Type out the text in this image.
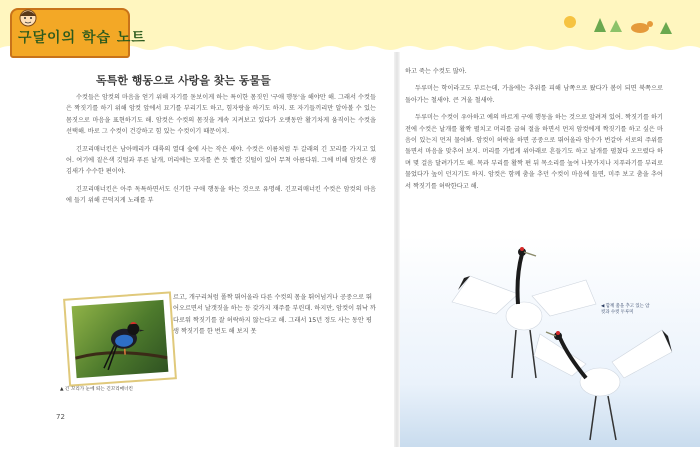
구달이의 학습 노트
독특한 행동으로 사랑을 찾는 동물들

수컷들은 암컷의 마음을 얻기 위해 자기를 돋보이게 하는 특이한 몸짓인 '구애 행동'을 해야만 해. 그래서 수컷들은 짝짓기를 하기 위해 암컷 앞에서 묘기를 부리기도 하고, 힘자랑을 하기도 하지. 또 자기들끼리만 알아볼 수 있는 몸짓으로 마음을 표현하기도 해. 암컷은 수컷의 몸짓을 계속 지켜보고 있다가 오랫동안 활기차게 움직이는 수컷을 선택해. 바로 그 수컷이 건강하고 힘 있는 수컷이기 때문이지.

긴꼬리매너킨은 남아메리카 대륙의 열대 숲에 사는 작은 새야. 수컷은 이름처럼 두 갈래의 긴 꼬리를 가지고 있어. 여기에 짙은색 깃털과 푸른 날개, 머리에는 모자를 쓴 듯 빨간 깃털이 있어 무척 아름다워. 그에 비해 암컷은 생김새가 수수한 편이야.

긴꼬리매너킨은 아주 독특하면서도 신기한 구애 행동을 하는 것으로 유명해. 긴꼬리매너킨 수컷은 암컷의 마음에 들기 위해 끈덕지게 노래를 부

▲ 긴 꼬리가 눈에 띄는 긴꼬리매너킨

르고, 개구리처럼 폴짝 뛰어올라 다른 수컷의 몸을 뛰어넘거나 공중으로 뛰어오르면서 날갯짓을 하는 등 갖가지 재주를 부린대. 하지만, 암컷이 워낙 까다로워 짝짓기를 잘 허락하지 않는다고 해. 그래서 15년 정도 사는 동안 평생 짝짓기를 한 번도 해 보지 못

72

하고 죽는 수컷도 많아.

두루미는 학이라고도 부르는데, 가을에는 추위를 피해 남쪽으로 왔다가 봄이 되면 북쪽으로 돌아가는 철새야. 큰 겨울 철새야.

두루미는 수컷이 우아하고 예의 바르게 구애 행동을 하는 것으로 알려져 있어. 짝짓기를 하기 전에 수컷은 날개를 활짝 펼치고 머리를 굽혀 절을 하면서 먼저 암컷에게 짝짓기를 하고 싶은 마음이 있는지 먼저 물어봐. 암컷이 허락을 하면 공중으로 뛰어올라 암수가 번갈아 서로의 주위를 돌면서 마음을 맞추어 보지. 머리를 가볍게 위아래로 흔들기도 하고 날개를 펼쳤다 오므렸다 하며 몇 걸음 달려가기도 해. 목과 부리를 활짝 편 뒤 목소리를 높여 나뭇가지나 지푸라기를 부리로 물었다가 높이 던지기도 하지. 암컷은 함께 춤을 추던 수컷이 마음에 들면, 미주 보고 춤을 추어서 짝짓기를 허락한다고 해.

◀ 함께 춤을 추고 있는 암컷과 수컷 두루미
